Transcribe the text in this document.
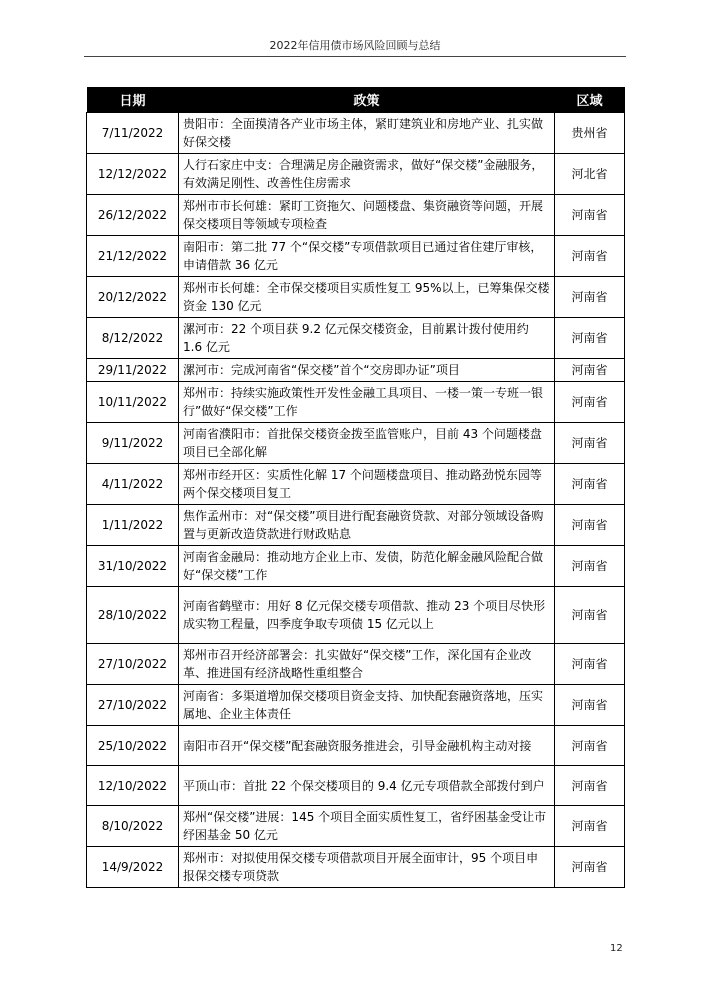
2022年信用债市场风险回顾与总结
日期	政策	区域
7/11/2022	贵阳市：全面摸清各产业市场主体，紧盯建筑业和房地产业、扎实做好保交楼	贵州省
12/12/2022	人行石家庄中支：合理满足房企融资需求，做好“保交楼”金融服务，有效满足刚性、改善性住房需求	河北省
26/12/2022	郑州市市长何雄：紧盯工资拖欠、问题楼盘、集资融资等问题，开展保交楼项目等领域专项检查	河南省
21/12/2022	南阳市：第二批 77 个“保交楼”专项借款项目已通过省住建厅审核，申请借款 36 亿元	河南省
20/12/2022	郑州市长何雄：全市保交楼项目实质性复工 95%以上，已筹集保交楼资金 130 亿元	河南省
8/12/2022	漯河市：22 个项目获 9.2 亿元保交楼资金，目前累计拨付使用约 1.6 亿元	河南省
29/11/2022	漯河市：完成河南省“保交楼”首个“交房即办证”项目	河南省
10/11/2022	郑州市：持续实施政策性开发性金融工具项目、一楼一策一专班一银行”做好“保交楼”工作	河南省
9/11/2022	河南省濮阳市：首批保交楼资金拨至监管账户，目前 43 个问题楼盘项目已全部化解	河南省
4/11/2022	郑州市经开区：实质性化解 17 个问题楼盘项目、推动路劲悦东园等两个保交楼项目复工	河南省
1/11/2022	焦作孟州市：对“保交楼”项目进行配套融资贷款、对部分领域设备购置与更新改造贷款进行财政贴息	河南省
31/10/2022	河南省金融局：推动地方企业上市、发债，防范化解金融风险配合做好“保交楼”工作	河南省
28/10/2022	河南省鹤壁市：用好 8 亿元保交楼专项借款、推动 23 个项目尽快形成实物工程量，四季度争取专项债 15 亿元以上	河南省
27/10/2022	郑州市召开经济部署会：扎实做好“保交楼”工作，深化国有企业改革、推进国有经济战略性重组整合	河南省
27/10/2022	河南省：多渠道增加保交楼项目资金支持、加快配套融资落地，压实属地、企业主体责任	河南省
25/10/2022	南阳市召开“保交楼”配套融资服务推进会，引导金融机构主动对接	河南省
12/10/2022	平顶山市：首批 22 个保交楼项目的 9.4 亿元专项借款全部拨付到户	河南省
8/10/2022	郑州“保交楼”进展：145 个项目全面实质性复工，省纾困基金受让市纾困基金 50 亿元	河南省
14/9/2022	郑州市：对拟使用保交楼专项借款项目开展全面审计，95 个项目申报保交楼专项贷款	河南省
12
